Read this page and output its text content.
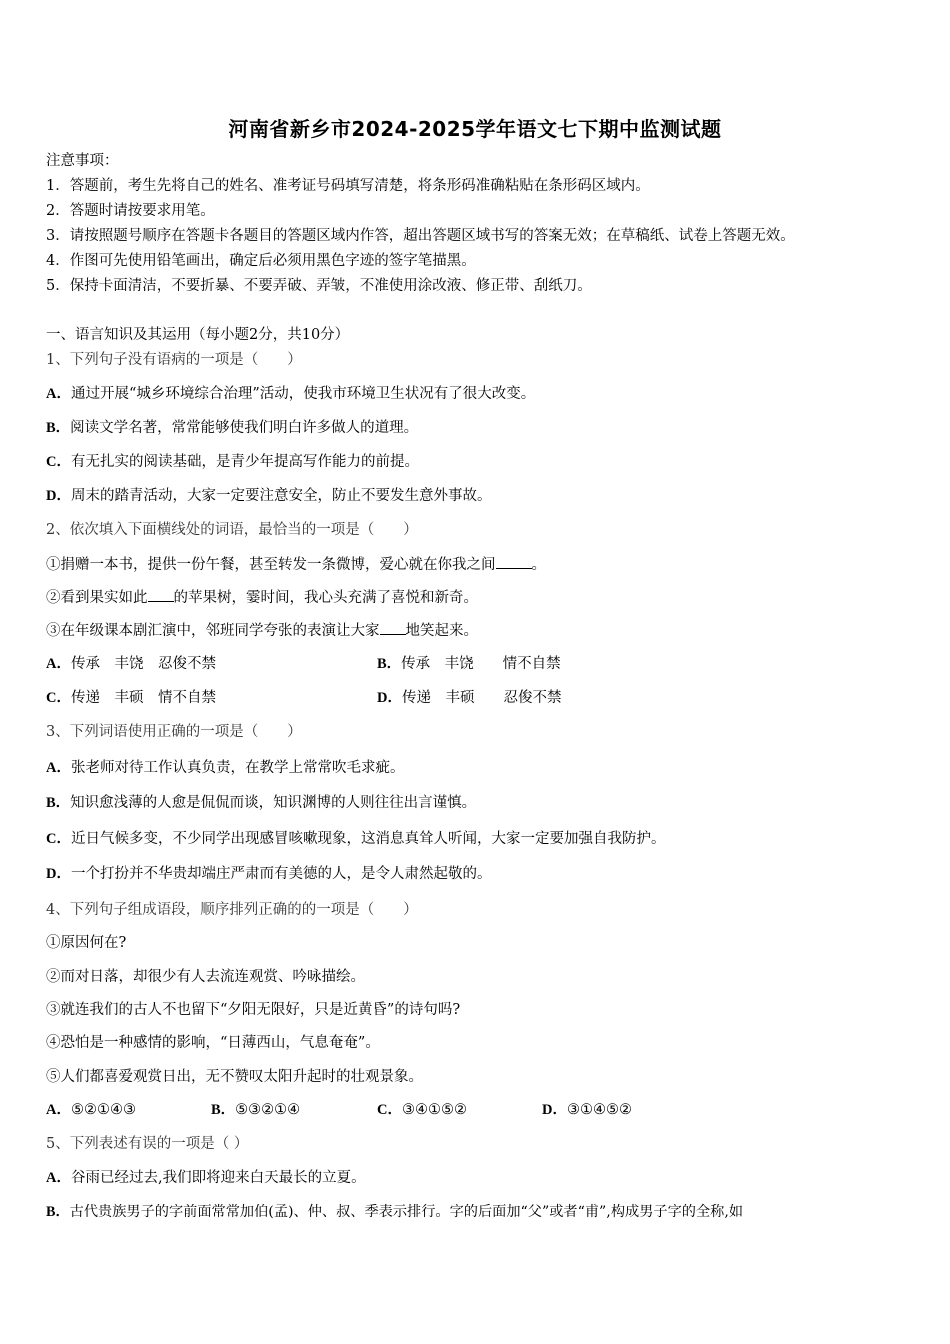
河南省新乡市2024-2025学年语文七下期中监测试题
注意事项：
1．答题前，考生先将自己的姓名、准考证号码填写清楚，将条形码准确粘贴在条形码区域内。
2．答题时请按要求用笔。
3．请按照题号顺序在答题卡各题目的答题区域内作答，超出答题区域书写的答案无效；在草稿纸、试卷上答题无效。
4．作图可先使用铅笔画出，确定后必须用黑色字迹的签字笔描黑。
5．保持卡面清洁，不要折暴、不要弄破、弄皱，不准使用涂改液、修正带、刮纸刀。
一、语言知识及其运用（每小题2分，共10分）
1、下列句子没有语病的一项是（　　）
A．通过开展“城乡环境综合治理”活动，使我市环境卫生状况有了很大改变。
B．阅读文学名著，常常能够使我们明白许多做人的道理。
C．有无扎实的阅读基础，是青少年提高写作能力的前提。
D．周末的踏青活动，大家一定要注意安全，防止不要发生意外事故。
2、依次填入下面横线处的词语，最恰当的一项是（　　）
①捐赠一本书，提供一份午餐，甚至转发一条微博，爱心就在你我之间 。
②看到果实如此 的苹果树，霎时间，我心头充满了喜悦和新奇。
③在年级课本剧汇演中，邻班同学夸张的表演让大家 地笑起来。
A．传承　丰饶　忍俊不禁	B．传承　丰饶　　情不自禁
C．传递　丰硕　情不自禁	D．传递　丰硕　　忍俊不禁
3、下列词语使用正确的一项是（　　）
A．张老师对待工作认真负责，在教学上常常吹毛求疵。
B．知识愈浅薄的人愈是侃侃而谈，知识渊博的人则往往出言谨慎。
C．近日气候多变，不少同学出现感冒咳嗽现象，这消息真耸人听闻，大家一定要加强自我防护。
D．一个打扮并不华贵却端庄严肃而有美德的人，是令人肃然起敬的。
4、下列句子组成语段，顺序排列正确的的一项是（　　）
①原因何在?
②而对日落，却很少有人去流连观赏、吟咏描绘。
③就连我们的古人不也留下“夕阳无限好，只是近黄昏”的诗句吗?
④恐怕是一种感情的影响，“日薄西山，气息奄奄”。
⑤人们都喜爱观赏日出，无不赞叹太阳升起时的壮观景象。
A．⑤②①④③	B．⑤③②①④	C．③④①⑤②	D．③①④⑤②
5、下列表述有误的一项是（ ）
A．谷雨已经过去,我们即将迎来白天最长的立夏。
B．古代贵族男子的字前面常常加伯(孟)、仲、叔、季表示排行。字的后面加“父”或者“甫”,构成男子字的全称,如
